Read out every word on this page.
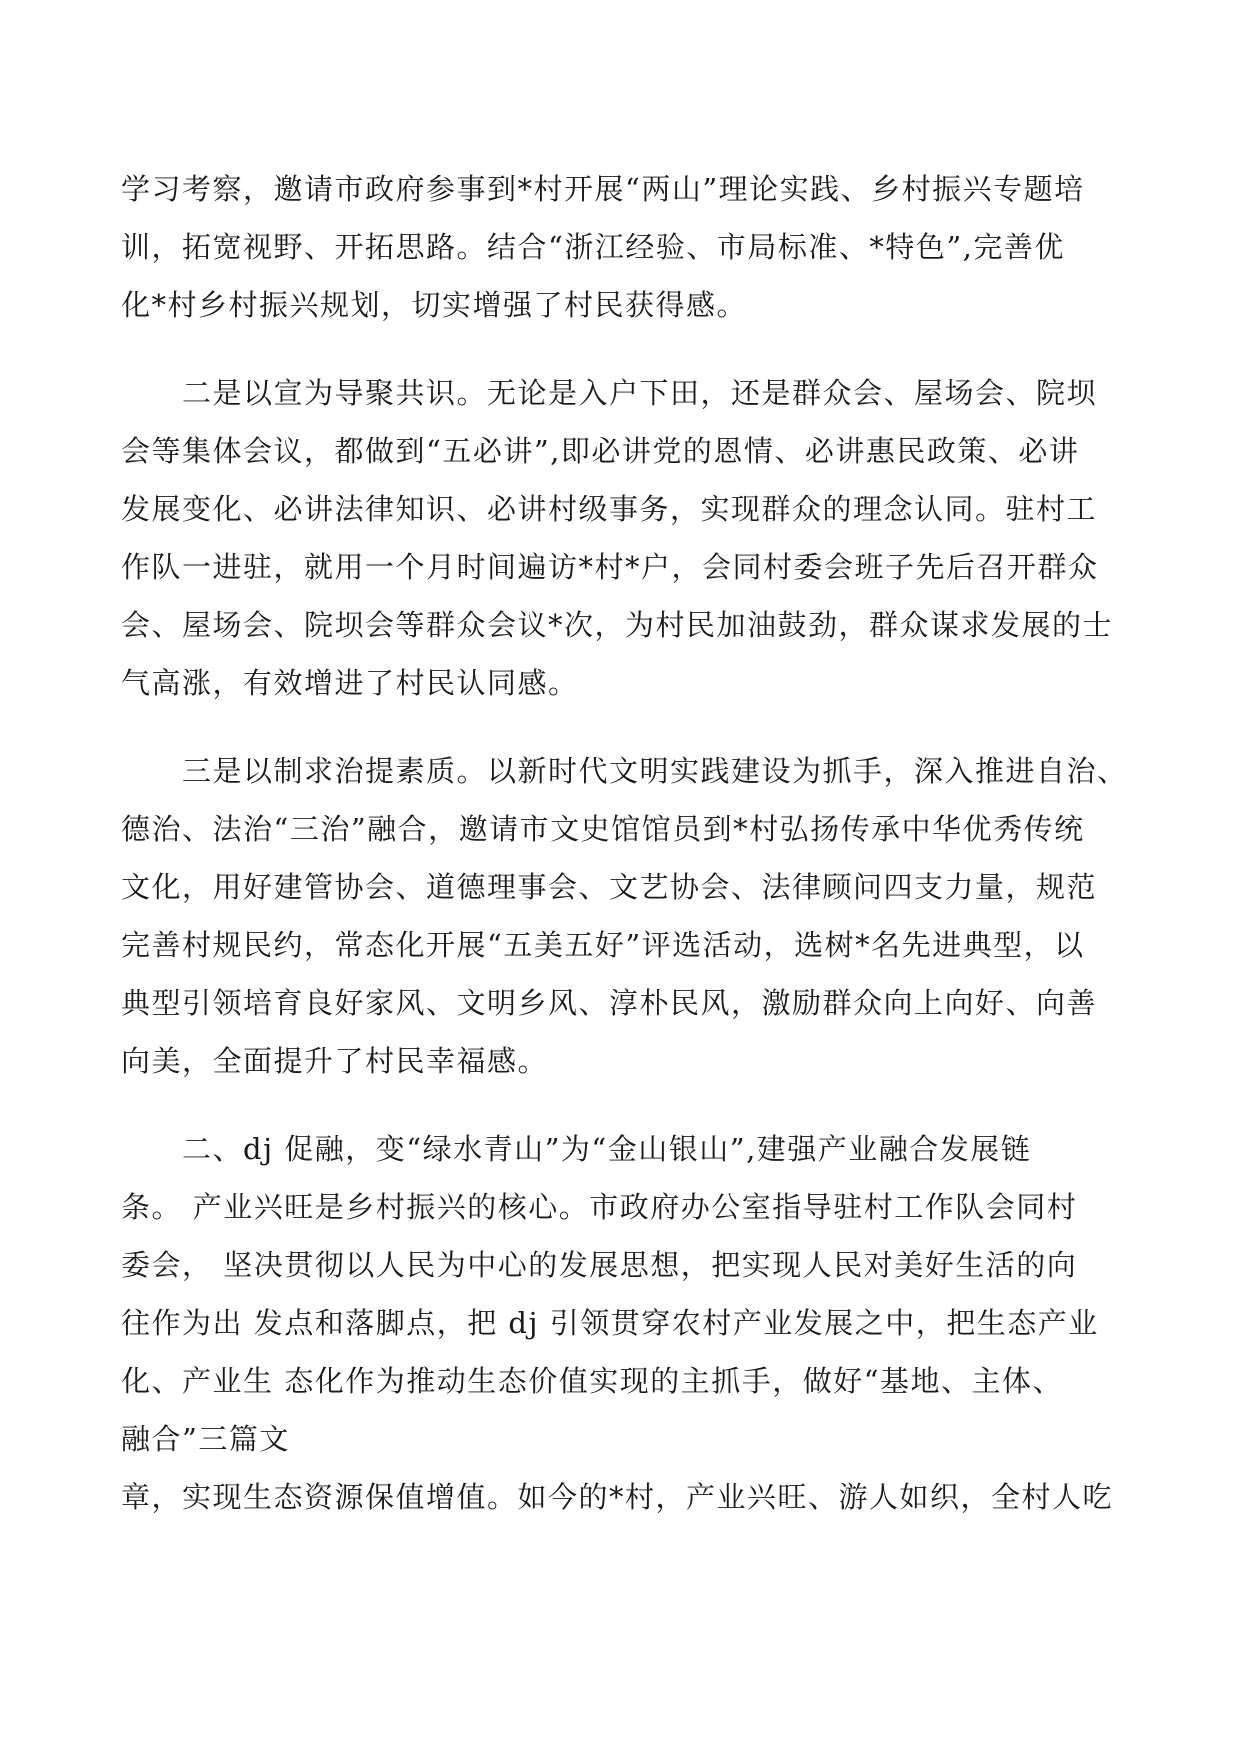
学习考察，邀请市政府参事到*村开展“两山”理论实践、乡村振兴专题培
训，拓宽视野、开拓思路。结合“浙江经验、市局标准、*特色”,完善优
化*村乡村振兴规划，切实增强了村民获得感。
　　二是以宣为导聚共识。无论是入户下田，还是群众会、屋场会、院坝
会等集体会议，都做到“五必讲”,即必讲党的恩情、必讲惠民政策、必讲
发展变化、必讲法律知识、必讲村级事务，实现群众的理念认同。驻村工
作队一进驻，就用一个月时间遍访*村*户，会同村委会班子先后召开群众
会、屋场会、院坝会等群众会议*次，为村民加油鼓劲，群众谋求发展的士
气高涨，有效增进了村民认同感。
　　三是以制求治提素质。以新时代文明实践建设为抓手，深入推进自治、
德治、法治“三治”融合，邀请市文史馆馆员到*村弘扬传承中华优秀传统
文化，用好建管协会、道德理事会、文艺协会、法律顾问四支力量，规范
完善村规民约，常态化开展“五美五好”评选活动，选树*名先进典型，以
典型引领培育良好家风、文明乡风、淳朴民风，激励群众向上向好、向善
向美，全面提升了村民幸福感。
　　二、dj 促融，变“绿水青山”为“金山银山”,建强产业融合发展链
条。 产业兴旺是乡村振兴的核心。市政府办公室指导驻村工作队会同村
委会， 坚决贯彻以人民为中心的发展思想，把实现人民对美好生活的向
往作为出 发点和落脚点，把 dj 引领贯穿农村产业发展之中，把生态产业
化、产业生 态化作为推动生态价值实现的主抓手，做好“基地、主体、
融合”三篇文
章，实现生态资源保值增值。如今的*村，产业兴旺、游人如织，全村人吃
